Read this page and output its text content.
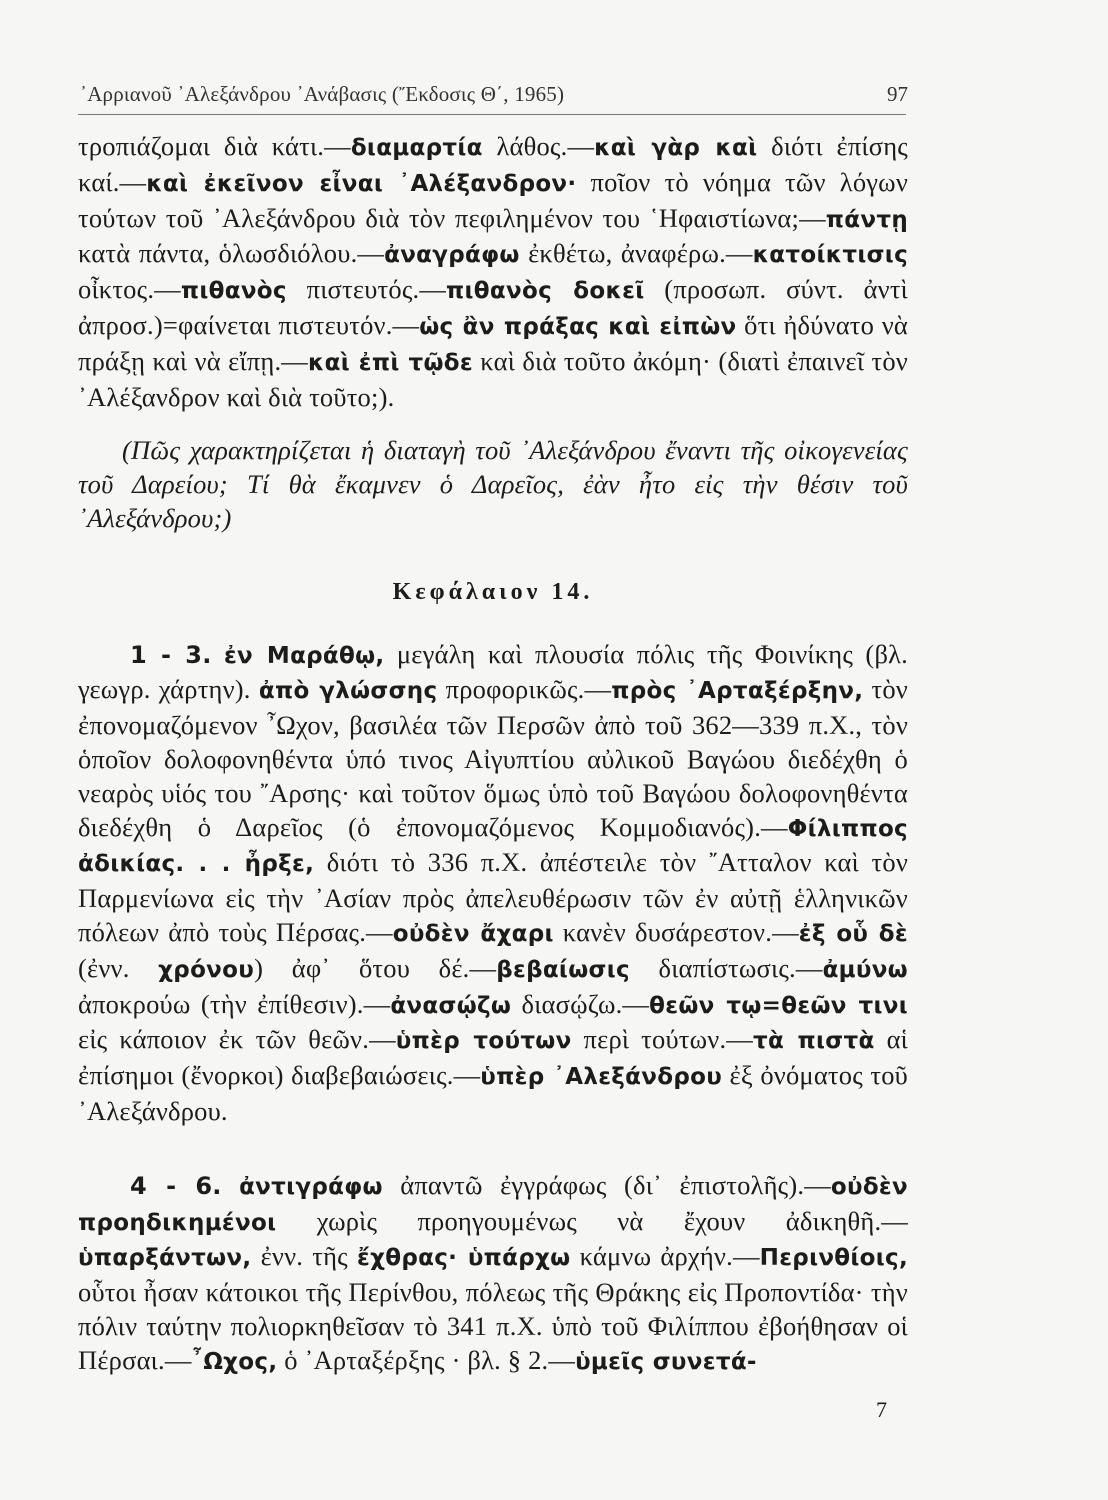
᾿Αρριανοῦ ᾿Αλεξάνδρου ᾿Ανάβασις (Ἔκδοσις Θ΄, 1965)	97

τροπιάζομαι διὰ κάτι.—διαμαρτία λάθος.—καὶ γὰρ καὶ διότι ἐπίσης καί.—καὶ ἐκεῖνον εἶναι ᾿Αλέξανδρον· ποῖον τὸ νόημα τῶν λόγων τούτων τοῦ ᾿Αλεξάνδρου διὰ τὸν πεφιλημένον του ῾Ηφαιστίωνα;—πάντῃ κατὰ πάντα, ὁλωσδιόλου.—ἀναγράφω ἐκθέτω, ἀναφέρω.—κατοίκτισις οἶκτος.—πιθανὸς πιστευτός.—πιθανὸς δοκεῖ (προσωπ. σύντ. ἀντὶ ἀπροσ.)=φαίνεται πιστευτόν.—ὡς ἂν πράξας καὶ εἰπὼν ὅτι ἠδύνατο νὰ πράξῃ καὶ νὰ εἴπῃ.—καὶ ἐπὶ τῷδε καὶ διὰ τοῦτο ἀκόμη· (διατὶ ἐπαινεῖ τὸν ᾿Αλέξανδρον καὶ διὰ τοῦτο;).

(Πῶς χαρακτηρίζεται ἡ διαταγὴ τοῦ ᾿Αλεξάνδρου ἔναντι τῆς οἰκογενείας τοῦ Δαρείου; Τί θὰ ἔκαμνεν ὁ Δαρεῖος, ἐὰν ἦτο εἰς τὴν θέσιν τοῦ ᾿Αλεξάνδρου;)

Κεφάλαιον 14.

1 - 3. ἐν Μαράθῳ, μεγάλη καὶ πλουσία πόλις τῆς Φοινίκης (βλ. γεωγρ. χάρτην). ἀπὸ γλώσσης προφορικῶς.—πρὸς ᾿Αρταξέρξην, τὸν ἐπονομαζόμενον ῏Ωχον, βασιλέα τῶν Περσῶν ἀπὸ τοῦ 362—339 π.Χ., τὸν ὁποῖον δολοφονηθέντα ὑπό τινος Αἰγυπτίου αὐλικοῦ Βαγώου διεδέχθη ὁ νεαρὸς υἱός του ῎Αρσης· καὶ τοῦτον ὅμως ὑπὸ τοῦ Βαγώου δολοφονηθέντα διεδέχθη ὁ Δαρεῖος (ὁ ἐπονομαζόμενος Κομμοδιανός).—Φίλιππος ἀδικίας. . . ἦρξε, διότι τὸ 336 π.Χ. ἀπέστειλε τὸν ῎Ατταλον καὶ τὸν Παρμενίωνα εἰς τὴν ᾿Ασίαν πρὸς ἀπελευθέρωσιν τῶν ἐν αὐτῇ ἑλληνικῶν πόλεων ἀπὸ τοὺς Πέρσας.—οὐδὲν ἄχαρι κανὲν δυσάρεστον.—ἐξ οὗ δὲ (ἐνν. χρόνου) ἀφ᾿ ὅτου δέ.—βεβαίωσις διαπίστωσις.—ἀμύνω ἀποκρούω (τὴν ἐπίθεσιν).—ἀνασῴζω διασῴζω.—θεῶν τῳ=θεῶν τινι εἰς κάποιον ἐκ τῶν θεῶν.—ὑπὲρ τούτων περὶ τούτων.—τὰ πιστὰ αἱ ἐπίσημοι (ἔνορκοι) διαβεβαιώσεις.—ὑπὲρ ᾿Αλεξάνδρου ἐξ ὀνόματος τοῦ ᾿Αλεξάνδρου.

4 - 6. ἀντιγράφω ἀπαντῶ ἐγγράφως (δι᾿ ἐπιστολῆς).—οὐδὲν προηδικημένοι χωρὶς προηγουμένως νὰ ἔχουν ἀδικηθῆ.—ὑπαρξάντων, ἐνν. τῆς ἔχθρας· ὑπάρχω κάμνω ἀρχήν.—Περινθίοις, οὗτοι ἦσαν κάτοικοι τῆς Περίνθου, πόλεως τῆς Θράκης εἰς Προποντίδα· τὴν πόλιν ταύτην πολιορκηθεῖσαν τὸ 341 π.Χ. ὑπὸ τοῦ Φιλίππου ἐβοήθησαν οἱ Πέρσαι.—῏Ωχος, ὁ ᾿Αρταξέρξης · βλ. § 2.—ὑμεῖς συνετά-

7
